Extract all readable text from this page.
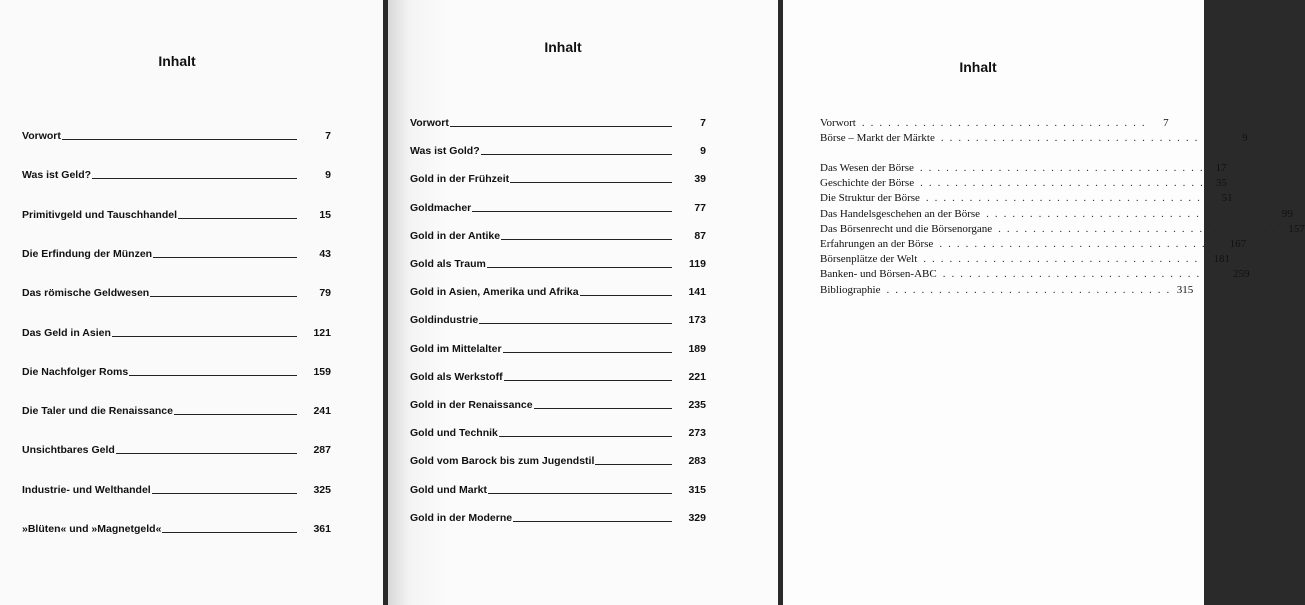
Inhalt
Vorwort	7
Was ist Geld?	9
Primitivgeld und Tauschhandel	15
Die Erfindung der Münzen	43
Das römische Geldwesen	79
Das Geld in Asien	121
Die Nachfolger Roms	159
Die Taler und die Renaissance	241
Unsichtbares Geld	287
Industrie- und Welthandel	325
»Blüten« und »Magnetgeld«	361
Inhalt
Vorwort	7
Was ist Gold?	9
Gold in der Frühzeit	39
Goldmacher	77
Gold in der Antike	87
Gold als Traum	119
Gold in Asien, Amerika und Afrika	141
Goldindustrie	173
Gold im Mittelalter	189
Gold als Werkstoff	221
Gold in der Renaissance	235
Gold und Technik	273
Gold vom Barock bis zum Jugendstil	283
Gold und Markt	315
Gold in der Moderne	329
Inhalt
Vorwort .................................	7
Börse – Markt der Märkte .................................	9
Das Wesen der Börse ................................. 17
Geschichte der Börse ................................. 35
Die Struktur der Börse ................................. 51
Das Handelsgeschehen an der Börse ................................. 99
Das Börsenrecht und die Börsenorgane ................................. 157
Erfahrungen an der Börse ................................. 167
Börsenplätze der Welt ................................. 181
Banken- und Börsen-ABC ................................. 259
Bibliographie ................................. 315
